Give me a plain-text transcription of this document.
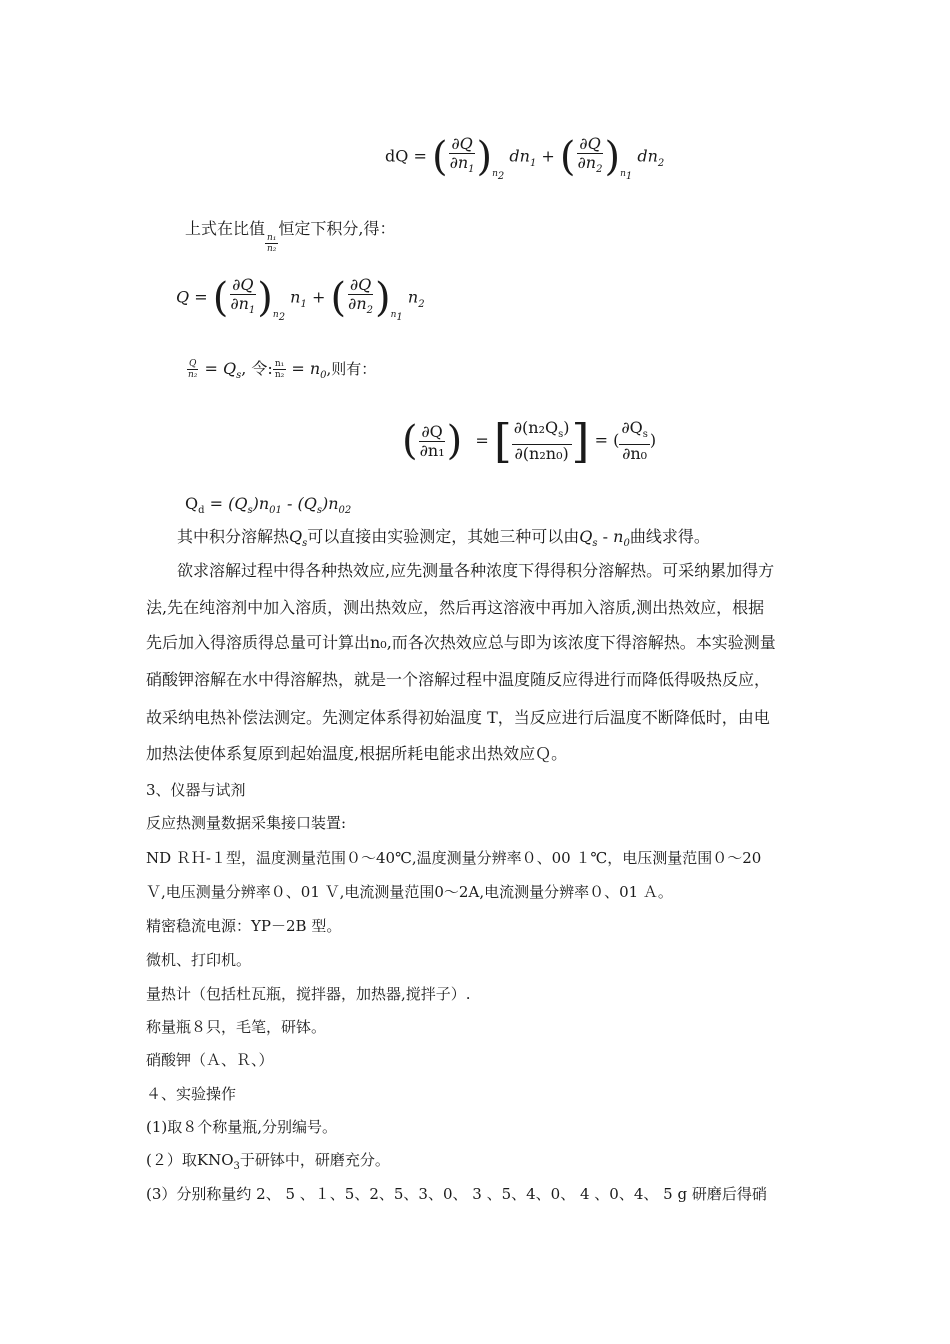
dQ = ( $\frac{\partial Q}{\partial n_1} )_{n_2}$ $dn_1$ + ( $\frac{\partial Q}{\partial n_2} )_{n_1}$ $dn_2$
上式在比值
$\frac{\text{n₁}}{\text{n₂}}$
恒定下积分,得：
Q = ( $\frac{\partial Q}{\partial n_1} )_{n_2}$ $n_1$ + ( $\frac{\partial Q}{\partial n_2} )_{n_1}$ $n_2$
$\frac{Q}{\text{n₂}} = Q_s$, 令: $\frac{\text{n₁}}{\text{n₂}} = n_0$,则有：
( $\frac{\partial Q}{\text{∂n₁}}$ ) = [ $\frac{\partial(n_2Q_s)}{\text{∂(n₂n₀)}}$ ] = ( $\frac{\partial Q_s}{\text{∂n₀}}$ )
$Q_d = (Q_s)n_{01} - (Q_s)n_{02}$
其中积分溶解热$Q_s$可以直接由实验测定，其她三种可以由$Q_s - n_0$曲线求得。
欲求溶解过程中得各种热效应,应先测量各种浓度下得得积分溶解热。可采纳累加得方
法,先在纯溶剂中加入溶质，测出热效应，然后再这溶液中再加入溶质,测出热效应，根据
先后加入得溶质得总量可计算出n₀,而各次热效应总与即为该浓度下得溶解热。本实验测量
硝酸钾溶解在水中得溶解热，就是一个溶解过程中温度随反应得进行而降低得吸热反应，
故采纳电热补偿法测定。先测定体系得初始温度 T，当反应进行后温度不断降低时，由电
加热法使体系复原到起始温度,根据所耗电能求出热效应Ｑ。
3、仪器与试剂
反应热测量数据采集接口装置:
ND ＲＨ-１型，温度测量范围０～40℃,温度测量分辨率０、00 １℃，电压测量范围０～20
Ｖ,电压测量分辨率０、01 Ｖ,电流测量范围0～2A,电流测量分辨率０、01 Ａ。
精密稳流电源：YP－2B 型。
微机、打印机。
量热计（包括杜瓦瓶，搅拌器，加热器,搅拌子）.
称量瓶８只，毛笔，研钵。
硝酸钾（Ａ、Ｒ、）
４、实验操作
(1)取８个称量瓶,分别编号。
(２）取$KNO_3$于研钵中，研磨充分。
(3）分别称量约 2、 5 、１、5、2、5、3、0、 3 、5、4、0、 4 、0、4、 5 g 研磨后得硝
